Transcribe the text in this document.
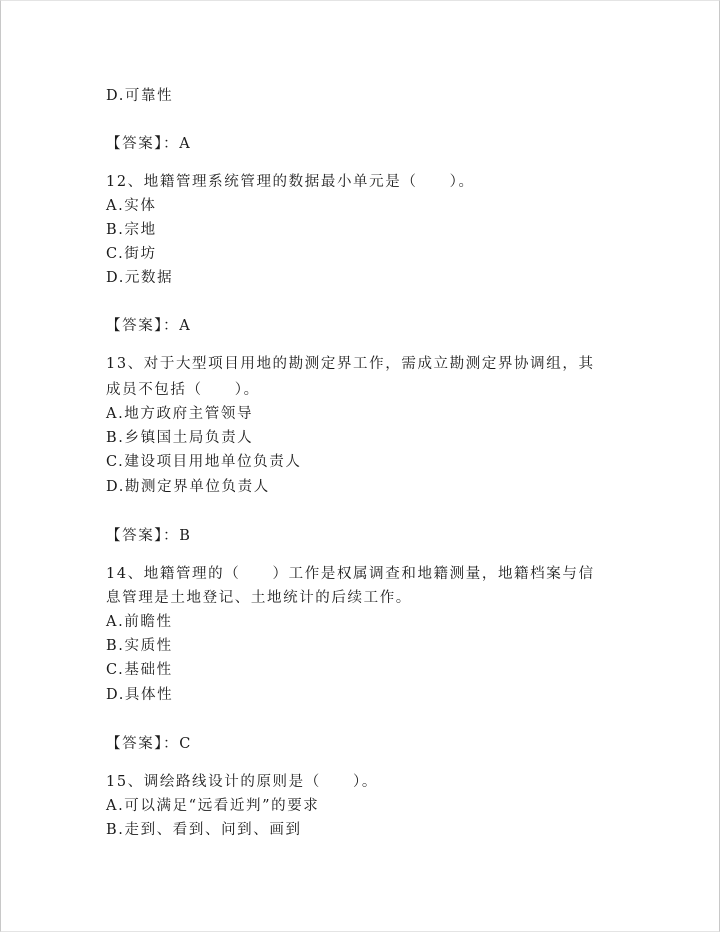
D.可靠性
【答案】：A
12、地籍管理系统管理的数据最小单元是（　　）。
A.实体
B.宗地
C.街坊
D.元数据
【答案】：A
13、对于大型项目用地的勘测定界工作，需成立勘测定界协调组，其
成员不包括（　　）。
A.地方政府主管领导
B.乡镇国土局负责人
C.建设项目用地单位负责人
D.勘测定界单位负责人
【答案】：B
14、地籍管理的（　　）工作是权属调查和地籍测量，地籍档案与信
息管理是土地登记、土地统计的后续工作。
A.前瞻性
B.实质性
C.基础性
D.具体性
【答案】：C
15、调绘路线设计的原则是（　　）。
A.可以满足“远看近判”的要求
B.走到、看到、问到、画到
